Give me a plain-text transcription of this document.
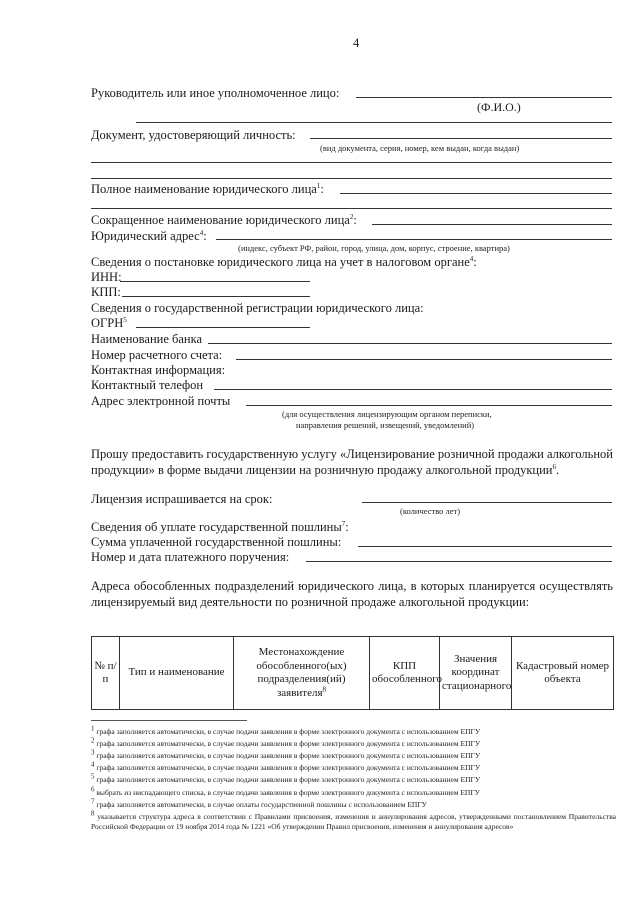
4
Руководитель или иное уполномоченное лицо:
(Ф.И.О.)
Документ, удостоверяющий личность:
(вид документа, серия, номер, кем выдан, когда выдан)
Полное наименование юридического лица$^1$:
Сокращенное наименование юридического лица$^2$:
Юридический адрес$^4$:
(индекс, субъект РФ, район, город, улица, дом, корпус, строение, квартира)
Сведения о постановке юридического лица на учет в налоговом органе$^4$:
ИНН:
КПП:
Сведения о государственной регистрации юридического лица:
ОГРН$^5$
Наименование банка
Номер расчетного счета:
Контактная информация:
Контактный телефон
Адрес электронной почты
(для осуществления лицензирующим органом переписки,
направления решений, извещений, уведомлений)
Прошу предоставить государственную услугу «Лицензирование розничной продажи алкогольной продукции» в форме выдачи лицензии на розничную продажу алкогольной продукции$^6$.
Лицензия испрашивается на срок:
(количество лет)
Сведения об уплате государственной пошлины$^7$:
Сумма уплаченной государственной пошлины:
Номер и дата платежного поручения:
Адреса обособленных подразделений юридического лица, в которых планируется осуществлять лицензируемый вид деятельности по розничной продаже алкогольной продукции:
№ п/п	Тип и наименование	Местонахождение обособленного(ых) подразделения(ий) заявителя$^8$	КПП обособленного	Значения координат стационарного	Кадастровый номер объекта
$^1$ графа заполняется автоматически, в случае подачи заявления в форме электронного документа с использованием ЕПГУ
$^2$ графа заполняется автоматически, в случае подачи заявления в форме электронного документа с использованием ЕПГУ
$^3$ графа заполняется автоматически, в случае подачи заявления в форме электронного документа с использованием ЕПГУ
$^4$ графа заполняется автоматически, в случае подачи заявления в форме электронного документа с использованием ЕПГУ
$^5$ графа заполняется автоматически, в случае подачи заявления в форме электронного документа с использованием ЕПГУ
$^6$ выбрать из ниспадающего списка, в случае подачи заявления в форме электронного документа с использованием ЕПГУ
$^7$ графа заполняется автоматически, в случае оплаты государственной пошлины с использованием ЕПГУ
$^8$ указывается структура адреса в соответствии с Правилами присвоения, изменения и аннулирования адресов, утвержденными постановлением Правительства Российской Федерации от 19 ноября 2014 года № 1221 «Об утверждении Правил присвоения, изменения и аннулирования адресов»
